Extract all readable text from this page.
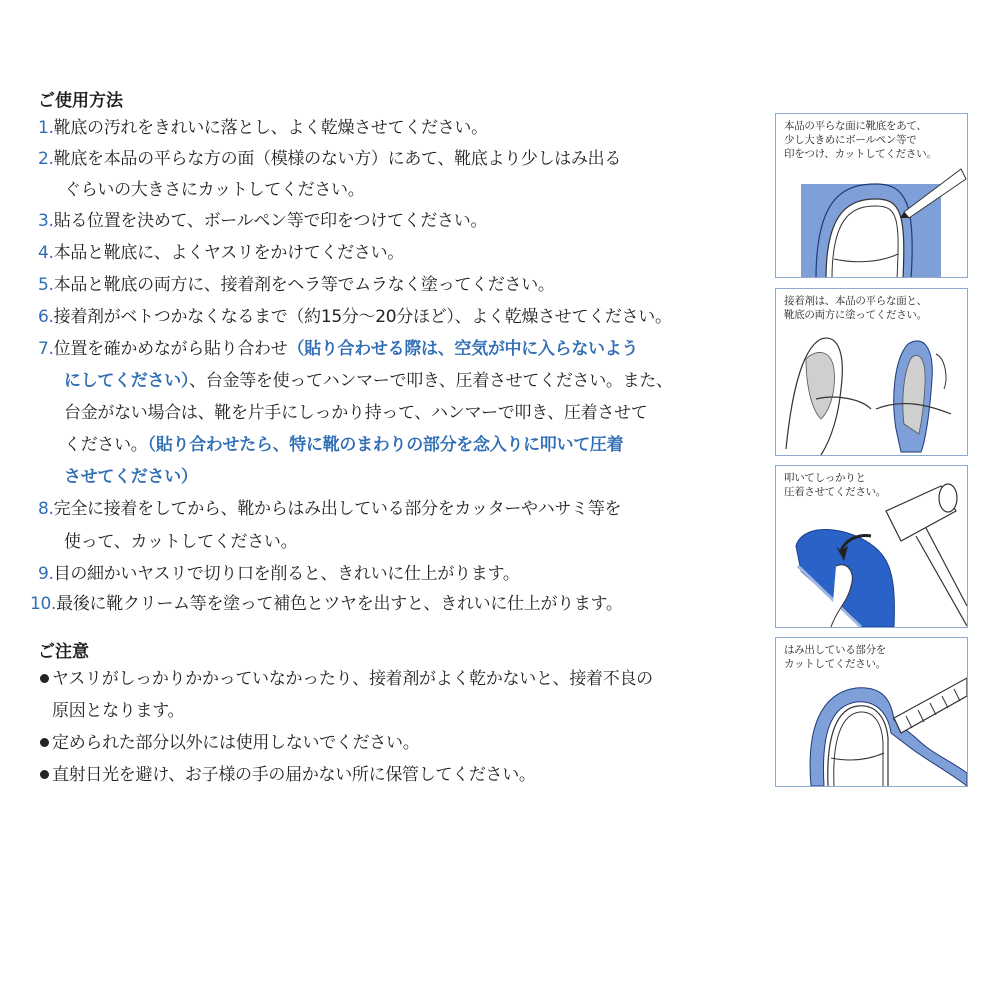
ご使用方法
1.靴底の汚れをきれいに落とし、よく乾燥させてください。
2.靴底を本品の平らな方の面（模様のない方）にあて、靴底より少しはみ出る
ぐらいの大きさにカットしてください。
3.貼る位置を決めて、ボールペン等で印をつけてください。
4.本品と靴底に、よくヤスリをかけてください。
5.本品と靴底の両方に、接着剤をヘラ等でムラなく塗ってください。
6.接着剤がベトつかなくなるまで（約15分〜20分ほど）、よく乾燥させてください。
7.位置を確かめながら貼り合わせ（貼り合わせる際は、空気が中に入らないよう
にしてください）、台金等を使ってハンマーで叩き、圧着させてください。また、
台金がない場合は、靴を片手にしっかり持って、ハンマーで叩き、圧着させて
ください。（貼り合わせたら、特に靴のまわりの部分を念入りに叩いて圧着
させてください）
8.完全に接着をしてから、靴からはみ出している部分をカッターやハサミ等を
使って、カットしてください。
9.目の細かいヤスリで切り口を削ると、きれいに仕上がります。
10.最後に靴クリーム等を塗って補色とツヤを出すと、きれいに仕上がります。
ご注意
ヤスリがしっかりかかっていなかったり、接着剤がよく乾かないと、接着不良の
原因となります。
定められた部分以外には使用しないでください。
直射日光を避け、お子様の手の届かない所に保管してください。
本品の平らな面に靴底をあて、
少し大きめにボールペン等で
印をつけ、カットしてください。
接着剤は、本品の平らな面と、
靴底の両方に塗ってください。
叩いてしっかりと
圧着させてください。
はみ出している部分を
カットしてください。
